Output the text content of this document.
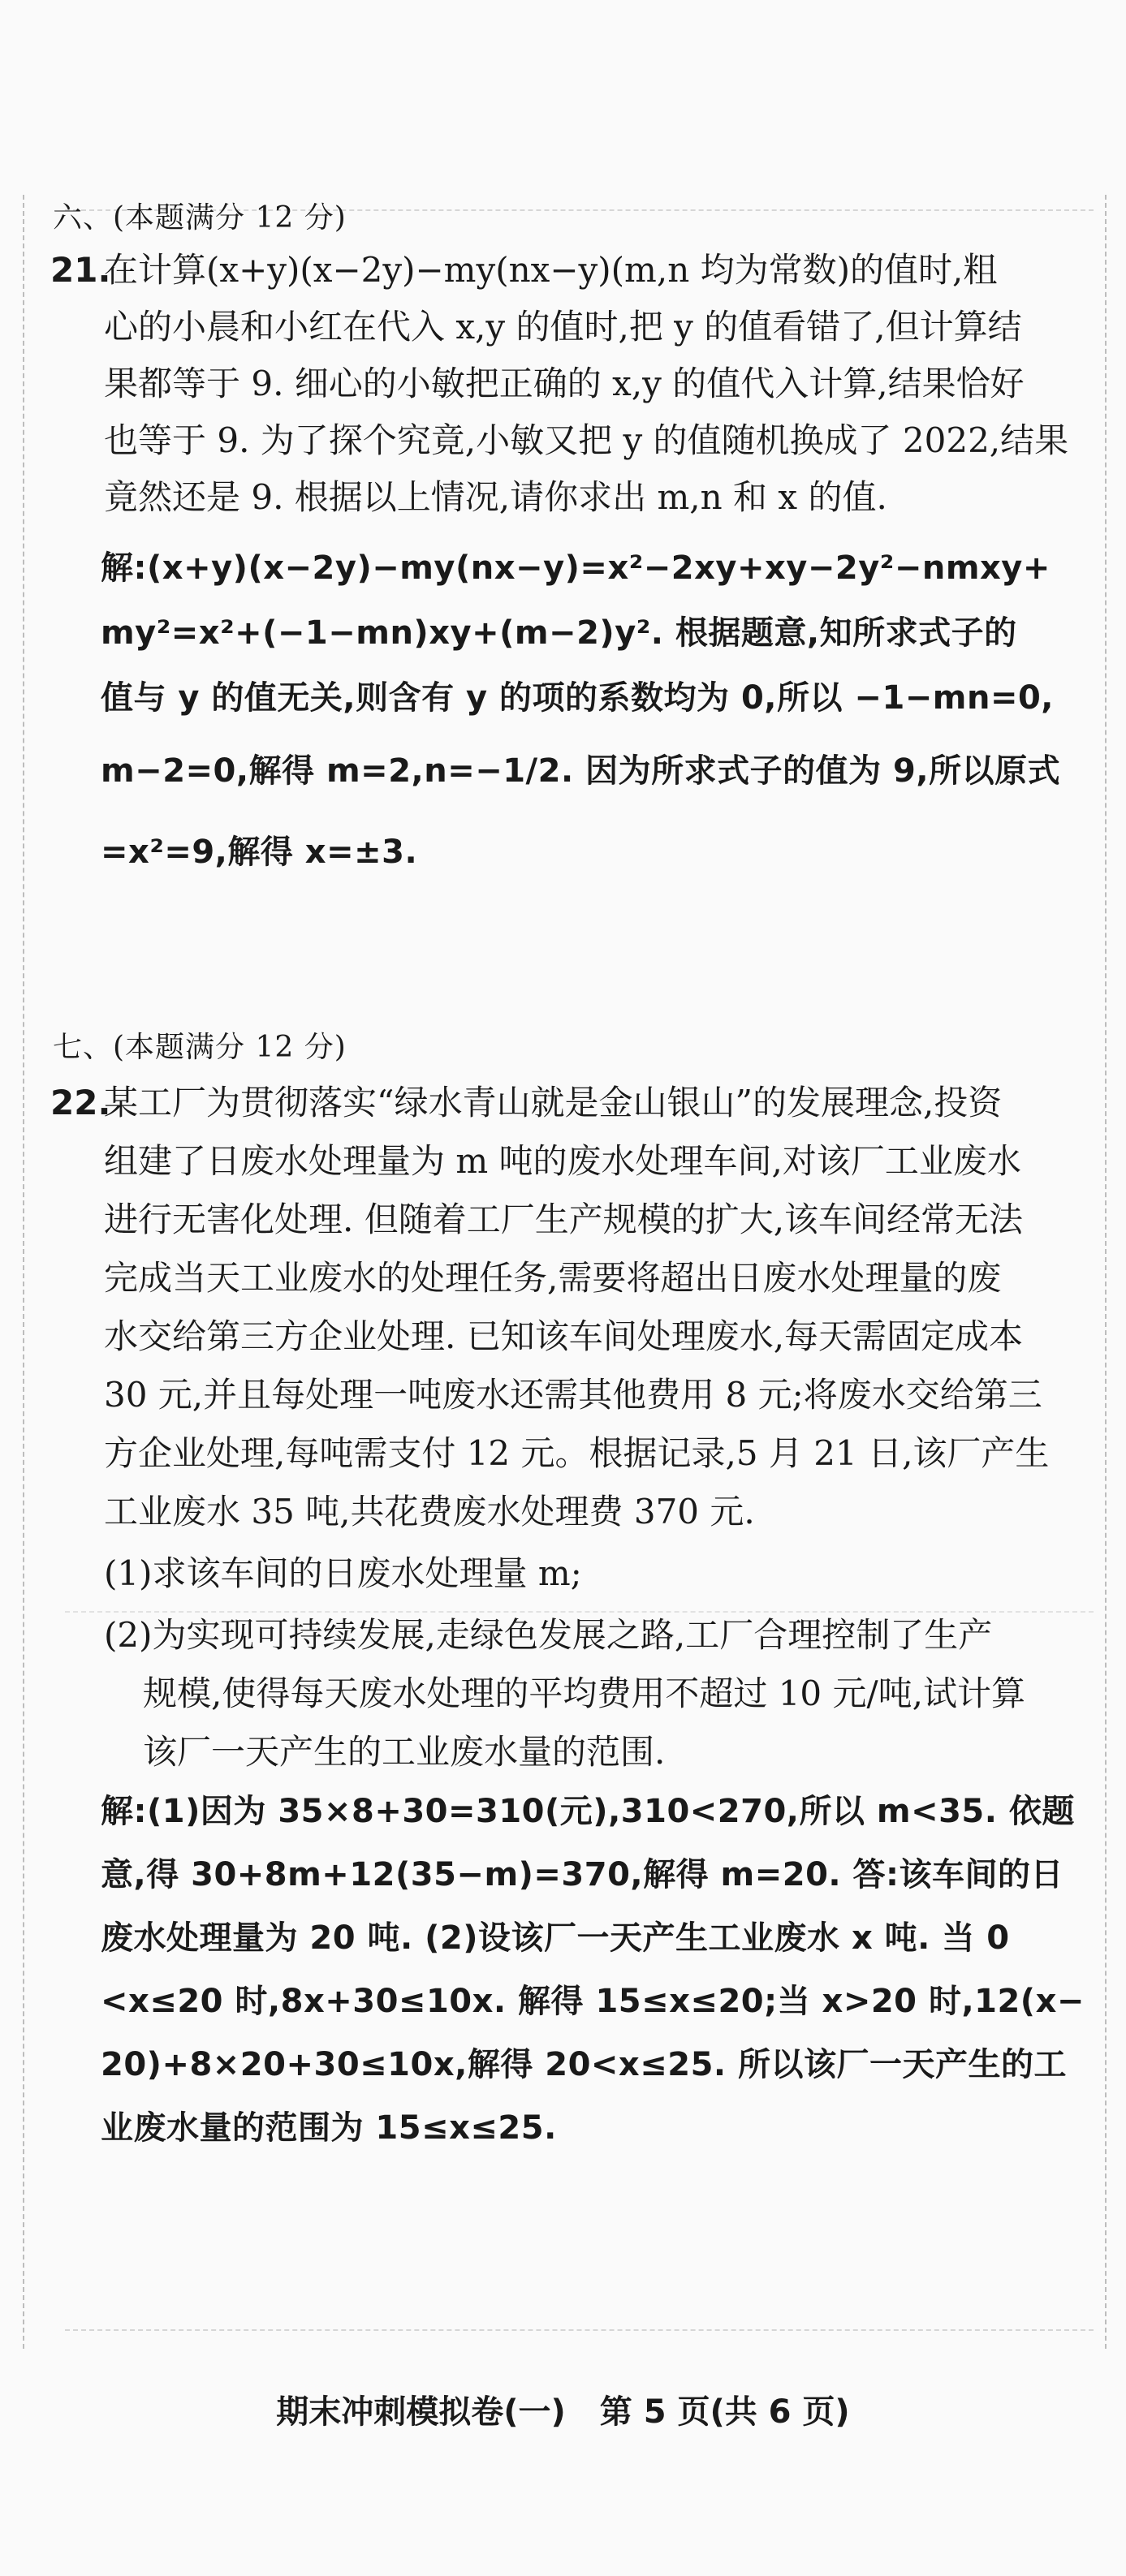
六、(本题满分 12 分)
21.
在计算(x+y)(x−2y)−my(nx−y)(m,n 均为常数)的值时,粗
心的小晨和小红在代入 x,y 的值时,把 y 的值看错了,但计算结
果都等于 9. 细心的小敏把正确的 x,y 的值代入计算,结果恰好
也等于 9. 为了探个究竟,小敏又把 y 的值随机换成了 2022,结果
竟然还是 9. 根据以上情况,请你求出 m,n 和 x 的值.
解:(x+y)(x−2y)−my(nx−y)=x²−2xy+xy−2y²−nmxy+
my²=x²+(−1−mn)xy+(m−2)y². 根据题意,知所求式子的
值与 y 的值无关,则含有 y 的项的系数均为 0,所以 −1−mn=0,
m−2=0,解得 m=2,n=−1/2. 因为所求式子的值为 9,所以原式
=x²=9,解得 x=±3.
七、(本题满分 12 分)
22.
某工厂为贯彻落实“绿水青山就是金山银山”的发展理念,投资
组建了日废水处理量为 m 吨的废水处理车间,对该厂工业废水
进行无害化处理. 但随着工厂生产规模的扩大,该车间经常无法
完成当天工业废水的处理任务,需要将超出日废水处理量的废
水交给第三方企业处理. 已知该车间处理废水,每天需固定成本
30 元,并且每处理一吨废水还需其他费用 8 元;将废水交给第三
方企业处理,每吨需支付 12 元。根据记录,5 月 21 日,该厂产生
工业废水 35 吨,共花费废水处理费 370 元.
(1)求该车间的日废水处理量 m;
(2)为实现可持续发展,走绿色发展之路,工厂合理控制了生产
规模,使得每天废水处理的平均费用不超过 10 元/吨,试计算
该厂一天产生的工业废水量的范围.
解:(1)因为 35×8+30=310(元),310<270,所以 m<35. 依题
意,得 30+8m+12(35−m)=370,解得 m=20. 答:该车间的日
废水处理量为 20 吨. (2)设该厂一天产生工业废水 x 吨. 当 0
<x≤20 时,8x+30≤10x. 解得 15≤x≤20;当 x>20 时,12(x−
20)+8×20+30≤10x,解得 20<x≤25. 所以该厂一天产生的工
业废水量的范围为 15≤x≤25.
期末冲刺模拟卷(一) 第 5 页(共 6 页)
